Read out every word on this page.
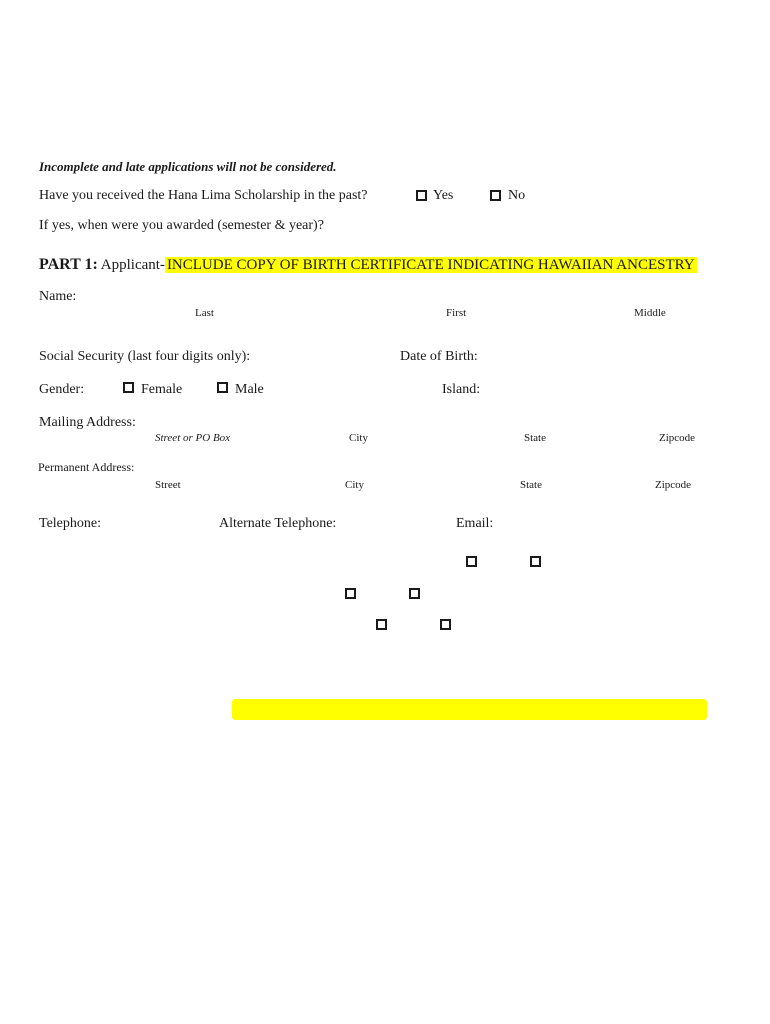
Incomplete and late applications will not be considered.
Have you received the Hana Lima Scholarship in the past?	Yes	No
If yes, when were you awarded (semester & year)?
PART 1: Applicant- INCLUDE COPY OF BIRTH CERTIFICATE INDICATING HAWAIIAN ANCESTRY
Name:
Last	First	Middle
Social Security (last four digits only):	Date of Birth:
Gender:	Female	Male	Island:
Mailing Address:
Street or PO Box	City	State	Zipcode
Permanent Address:
Street	City	State	Zipcode
Telephone:	Alternate Telephone:	Email:
